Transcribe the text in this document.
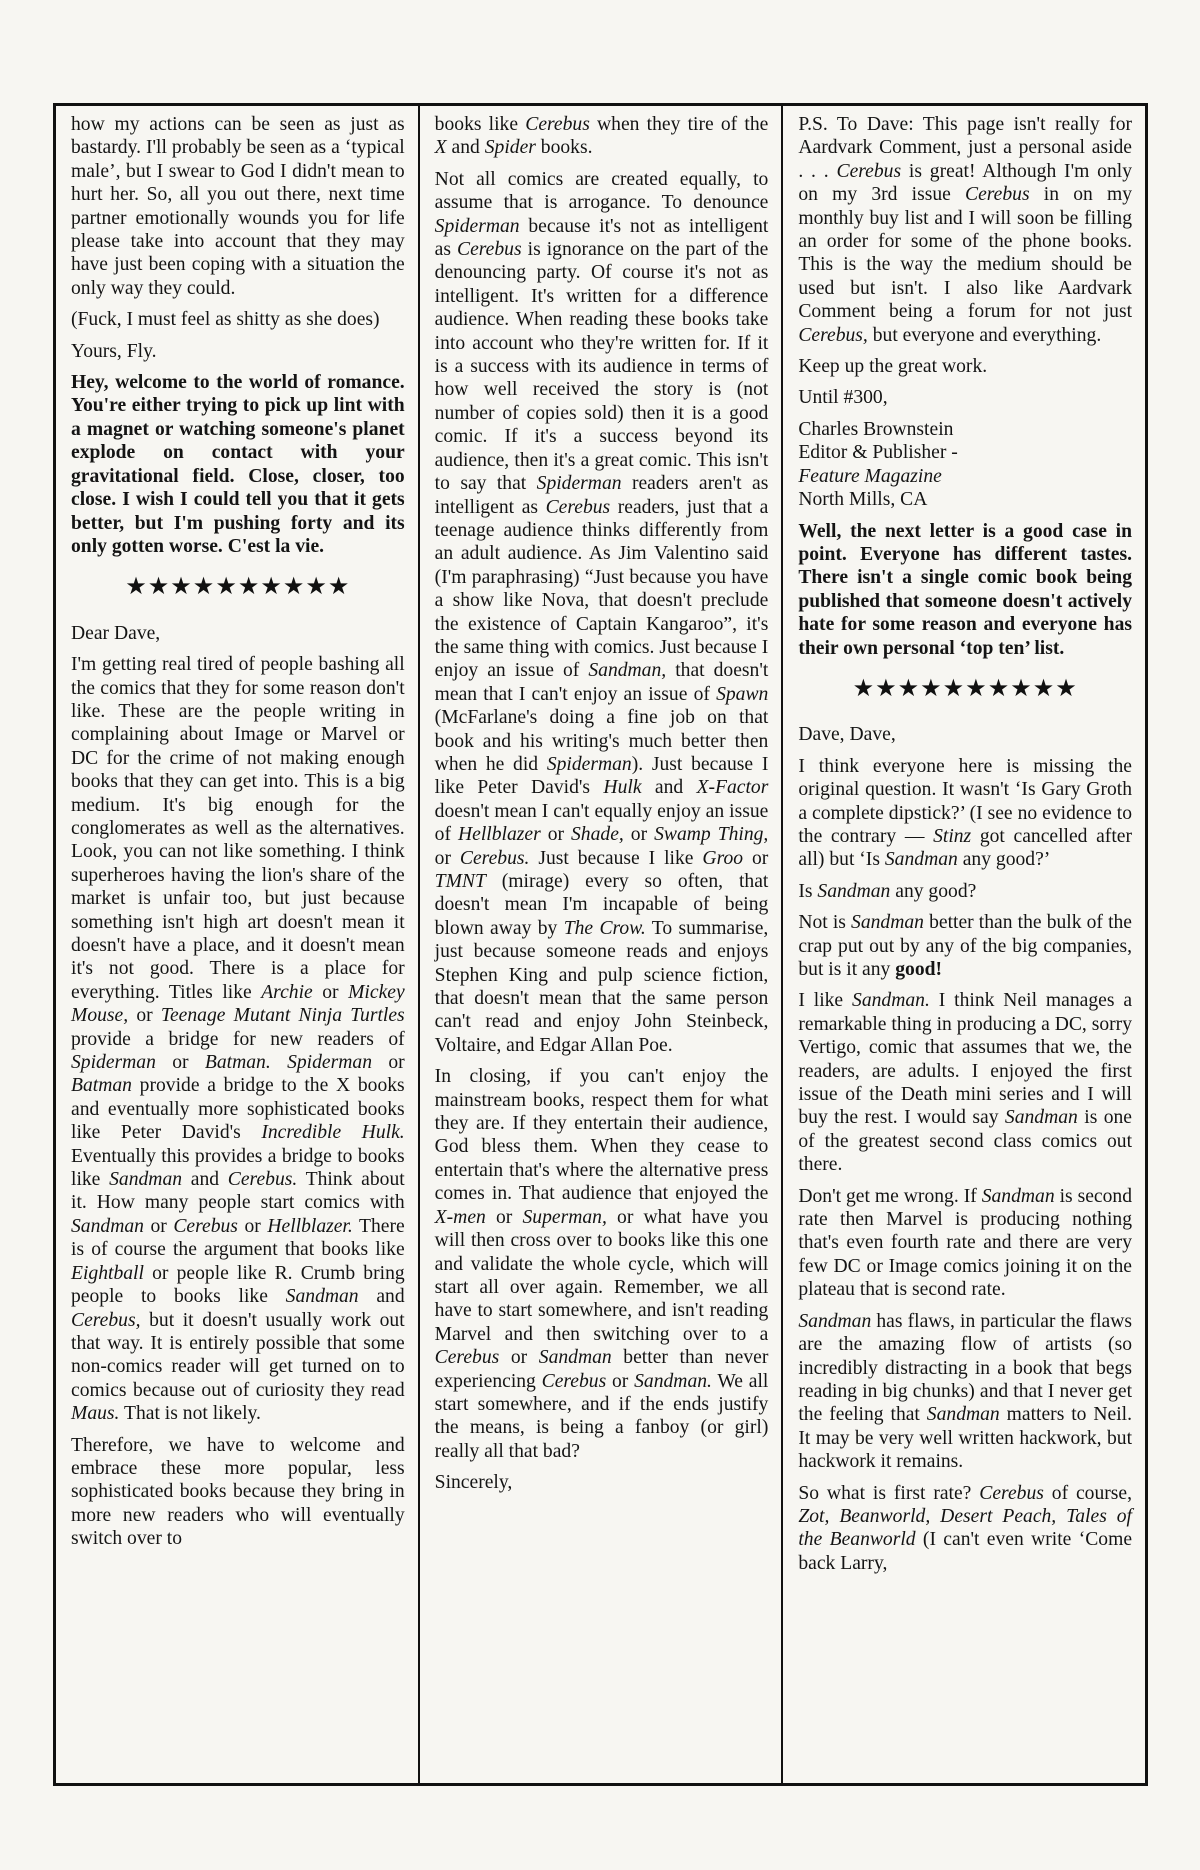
how my actions can be seen as just as bastardy. I'll probably be seen as a ‘typical male’, but I swear to God I didn't mean to hurt her. So, all you out there, next time partner emotionally wounds you for life please take into account that they may have just been coping with a situation the only way they could.

(Fuck, I must feel as shitty as she does)

Yours, Fly.

Hey, welcome to the world of romance. You're either trying to pick up lint with a magnet or watching someone's planet explode on contact with your gravitational field. Close, closer, too close. I wish I could tell you that it gets better, but I'm pushing forty and its only gotten worse. C'est la vie.

★★★★★★★★★★

Dear Dave,

I'm getting real tired of people bashing all the comics that they for some reason don't like. These are the people writing in complaining about Image or Marvel or DC for the crime of not making enough books that they can get into. This is a big medium. It's big enough for the conglomerates as well as the alternatives. Look, you can not like something. I think superheroes having the lion's share of the market is unfair too, but just because something isn't high art doesn't mean it doesn't have a place, and it doesn't mean it's not good. There is a place for everything. Titles like Archie or Mickey Mouse, or Teenage Mutant Ninja Turtles provide a bridge for new readers of Spiderman or Batman. Spiderman or Batman provide a bridge to the X books and eventually more sophisticated books like Peter David's Incredible Hulk. Eventually this provides a bridge to books like Sandman and Cerebus. Think about it. How many people start comics with Sandman or Cerebus or Hellblazer. There is of course the argument that books like Eightball or people like R. Crumb bring people to books like Sandman and Cerebus, but it doesn't usually work out that way. It is entirely possible that some non-comics reader will get turned on to comics because out of curiosity they read Maus. That is not likely.

Therefore, we have to welcome and embrace these more popular, less sophisticated books because they bring in more new readers who will eventually switch over to

books like Cerebus when they tire of the X and Spider books.

Not all comics are created equally, to assume that is arrogance. To denounce Spiderman because it's not as intelligent as Cerebus is ignorance on the part of the denouncing party. Of course it's not as intelligent. It's written for a difference audience. When reading these books take into account who they're written for. If it is a success with its audience in terms of how well received the story is (not number of copies sold) then it is a good comic. If it's a success beyond its audience, then it's a great comic. This isn't to say that Spiderman readers aren't as intelligent as Cerebus readers, just that a teenage audience thinks differently from an adult audience. As Jim Valentino said (I'm paraphrasing) “Just because you have a show like Nova, that doesn't preclude the existence of Captain Kangaroo”, it's the same thing with comics. Just because I enjoy an issue of Sandman, that doesn't mean that I can't enjoy an issue of Spawn (McFarlane's doing a fine job on that book and his writing's much better then when he did Spiderman). Just because I like Peter David's Hulk and X-Factor doesn't mean I can't equally enjoy an issue of Hellblazer or Shade, or Swamp Thing, or Cerebus. Just because I like Groo or TMNT (mirage) every so often, that doesn't mean I'm incapable of being blown away by The Crow. To summarise, just because someone reads and enjoys Stephen King and pulp science fiction, that doesn't mean that the same person can't read and enjoy John Steinbeck, Voltaire, and Edgar Allan Poe.

In closing, if you can't enjoy the mainstream books, respect them for what they are. If they entertain their audience, God bless them. When they cease to entertain that's where the alternative press comes in. That audience that enjoyed the X-men or Superman, or what have you will then cross over to books like this one and validate the whole cycle, which will start all over again. Remember, we all have to start somewhere, and isn't reading Marvel and then switching over to a Cerebus or Sandman better than never experiencing Cerebus or Sandman. We all start somewhere, and if the ends justify the means, is being a fanboy (or girl) really all that bad?

Sincerely,

P.S. To Dave: This page isn't really for Aardvark Comment, just a personal aside . . . Cerebus is great! Although I'm only on my 3rd issue Cerebus in on my monthly buy list and I will soon be filling an order for some of the phone books. This is the way the medium should be used but isn't. I also like Aardvark Comment being a forum for not just Cerebus, but everyone and everything.

Keep up the great work.

Until #300,

Charles Brownstein
Editor & Publisher -
Feature Magazine
North Mills, CA

Well, the next letter is a good case in point. Everyone has different tastes. There isn't a single comic book being published that someone doesn't actively hate for some reason and everyone has their own personal ‘top ten’ list.

★★★★★★★★★★

Dave, Dave,

I think everyone here is missing the original question. It wasn't ‘Is Gary Groth a complete dipstick?’ (I see no evidence to the contrary — Stinz got cancelled after all) but ‘Is Sandman any good?’

Is Sandman any good?

Not is Sandman better than the bulk of the crap put out by any of the big companies, but is it any good!

I like Sandman. I think Neil manages a remarkable thing in producing a DC, sorry Vertigo, comic that assumes that we, the readers, are adults. I enjoyed the first issue of the Death mini series and I will buy the rest. I would say Sandman is one of the greatest second class comics out there.

Don't get me wrong. If Sandman is second rate then Marvel is producing nothing that's even fourth rate and there are very few DC or Image comics joining it on the plateau that is second rate.

Sandman has flaws, in particular the flaws are the amazing flow of artists (so incredibly distracting in a book that begs reading in big chunks) and that I never get the feeling that Sandman matters to Neil. It may be very well written hackwork, but hackwork it remains.

So what is first rate? Cerebus of course, Zot, Beanworld, Desert Peach, Tales of the Beanworld (I can't even write ‘Come back Larry,
